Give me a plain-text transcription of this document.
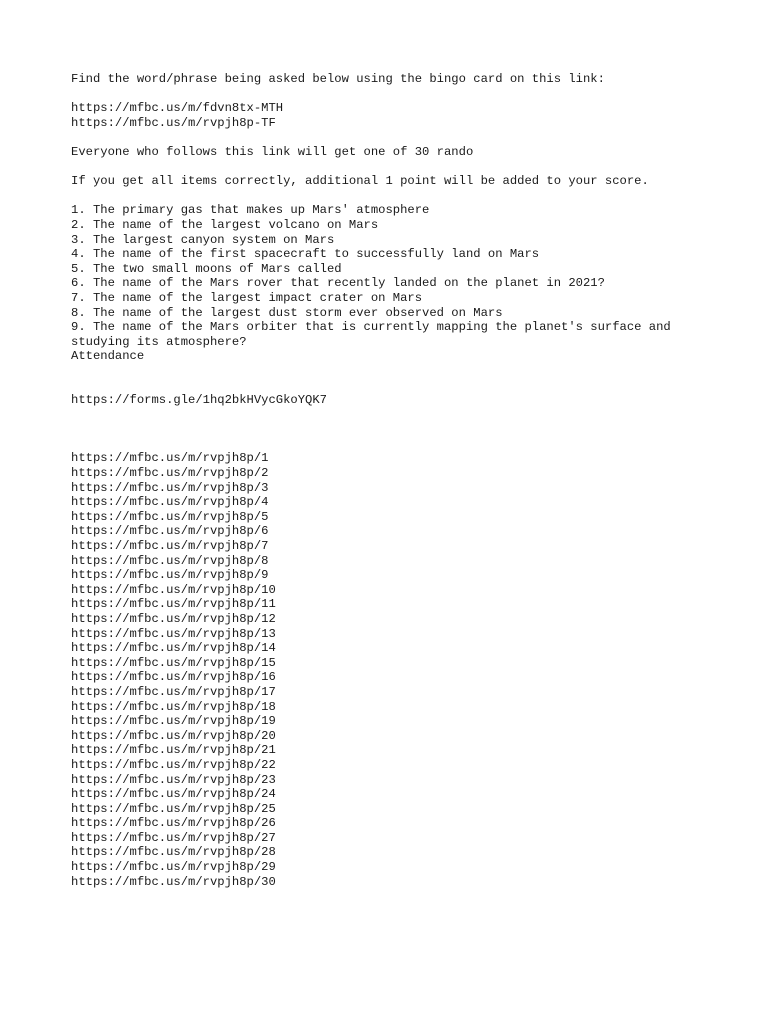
Find the word/phrase being asked below using the bingo card on this link:
https://mfbc.us/m/fdvn8tx-MTH
https://mfbc.us/m/rvpjh8p-TF
Everyone who follows this link will get one of 30 rando
If you get all items correctly, additional 1 point will be added to your score.
1. The primary gas that makes up Mars' atmosphere
2. The name of the largest volcano on Mars
3. The largest canyon system on Mars
4. The name of the first spacecraft to successfully land on Mars
5. The two small moons of Mars called
6. The name of the Mars rover that recently landed on the planet in 2021?
7. The name of the largest impact crater on Mars
8. The name of the largest dust storm ever observed on Mars
9. The name of the Mars orbiter that is currently mapping the planet's surface and studying its atmosphere?
Attendance
https://forms.gle/1hq2bkHVycGkoYQK7
https://mfbc.us/m/rvpjh8p/1
https://mfbc.us/m/rvpjh8p/2
https://mfbc.us/m/rvpjh8p/3
https://mfbc.us/m/rvpjh8p/4
https://mfbc.us/m/rvpjh8p/5
https://mfbc.us/m/rvpjh8p/6
https://mfbc.us/m/rvpjh8p/7
https://mfbc.us/m/rvpjh8p/8
https://mfbc.us/m/rvpjh8p/9
https://mfbc.us/m/rvpjh8p/10
https://mfbc.us/m/rvpjh8p/11
https://mfbc.us/m/rvpjh8p/12
https://mfbc.us/m/rvpjh8p/13
https://mfbc.us/m/rvpjh8p/14
https://mfbc.us/m/rvpjh8p/15
https://mfbc.us/m/rvpjh8p/16
https://mfbc.us/m/rvpjh8p/17
https://mfbc.us/m/rvpjh8p/18
https://mfbc.us/m/rvpjh8p/19
https://mfbc.us/m/rvpjh8p/20
https://mfbc.us/m/rvpjh8p/21
https://mfbc.us/m/rvpjh8p/22
https://mfbc.us/m/rvpjh8p/23
https://mfbc.us/m/rvpjh8p/24
https://mfbc.us/m/rvpjh8p/25
https://mfbc.us/m/rvpjh8p/26
https://mfbc.us/m/rvpjh8p/27
https://mfbc.us/m/rvpjh8p/28
https://mfbc.us/m/rvpjh8p/29
https://mfbc.us/m/rvpjh8p/30
